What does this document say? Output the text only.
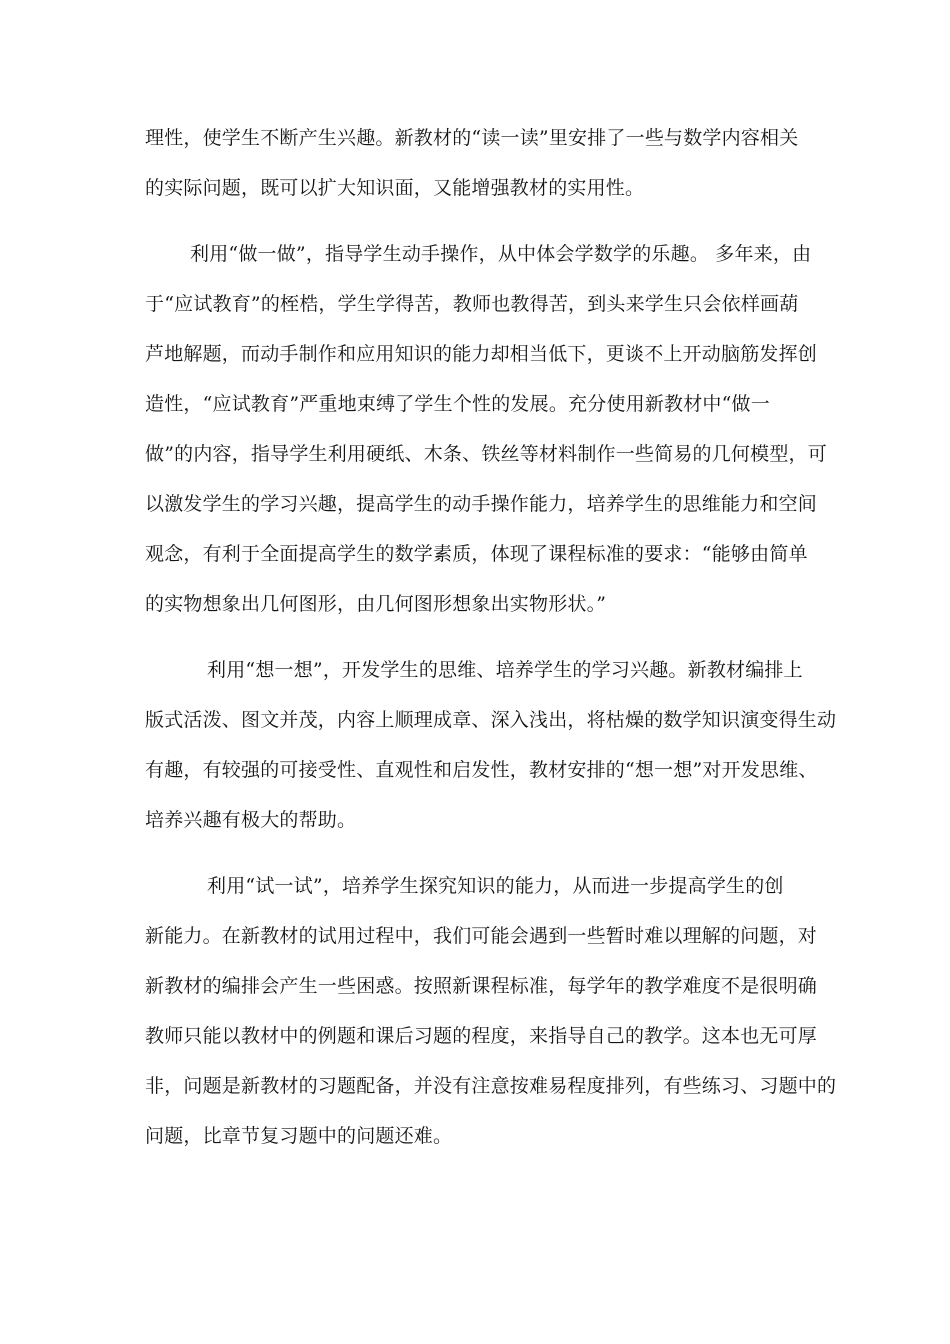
理性，使学生不断产生兴趣。新教材的“读一读”里安排了一些与数学内容相关
的实际问题，既可以扩大知识面，又能增强教材的实用性。
利用“做一做”，指导学生动手操作，从中体会学数学的乐趣。 多年来，由
于“应试教育”的桎梏，学生学得苦，教师也教得苦，到头来学生只会依样画葫
芦地解题，而动手制作和应用知识的能力却相当低下，更谈不上开动脑筋发挥创
造性，“应试教育”严重地束缚了学生个性的发展。充分使用新教材中“做一
做”的内容，指导学生利用硬纸、木条、铁丝等材料制作一些简易的几何模型，可
以激发学生的学习兴趣，提高学生的动手操作能力，培养学生的思维能力和空间
观念，有利于全面提高学生的数学素质，体现了课程标准的要求：“能够由简单
的实物想象出几何图形，由几何图形想象出实物形状。”
利用“想一想”，开发学生的思维、培养学生的学习兴趣。新教材编排上
版式活泼、图文并茂，内容上顺理成章、深入浅出，将枯燥的数学知识演变得生动
有趣，有较强的可接受性、直观性和启发性，教材安排的“想一想”对开发思维、
培养兴趣有极大的帮助。
利用“试一试”，培养学生探究知识的能力，从而进一步提高学生的创
新能力。在新教材的试用过程中，我们可能会遇到一些暂时难以理解的问题，对
新教材的编排会产生一些困惑。按照新课程标准，每学年的教学难度不是很明确
教师只能以教材中的例题和课后习题的程度，来指导自己的教学。这本也无可厚
非，问题是新教材的习题配备，并没有注意按难易程度排列，有些练习、习题中的
问题，比章节复习题中的问题还难。
